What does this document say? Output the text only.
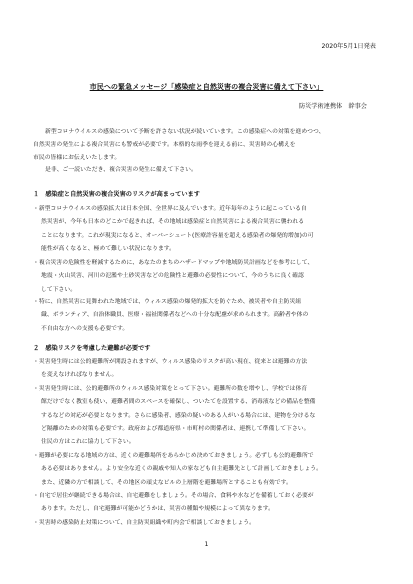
2020年5月1日発表
市民への緊急メッセージ「感染症と自然災害の複合災害に備えて下さい」
防災学術連携体　幹事会
新型コロナウイルスの感染について予断を許さない状況が続いています。この感染症への対策を進めつつ、
自然災害の発生による複合災害にも警戒が必要です。本格的な雨季を迎える前に、災害時の心構えを
市民の皆様にお伝えいたします。
是非、ご一読いただき、複合災害の発生に備えて下さい。
１　感染症と自然災害の複合災害のリスクが高まっています
・新型コロナウイルスの感染拡大は日本全国、全世界に及んでいます。近年毎年のように起こっている自
然災害が、今年も日本のどこかで起きれば、その地域は感染症と自然災害による複合災害に襲われる
ことになります。これが現実になると、オーバーシュート(医療許容量を超える感染者の爆発的増加)の可
能性が高くなると、極めて難しい状況になります。
・複合災害の危険性を軽減するために、あなたのまちのハザードマップや地域防災計画などを参考にして、
地震・火山災害、河川の氾濫や土砂災害などの危険性と避難の必要性について、今のうちに良く確認
して下さい。
・特に、自然災害に見舞われた地域では、ウィルス感染の爆発的拡大を防ぐため、被災者や自主防災組
織、ボランティア、自治体職員、医療・福祉関係者などへの十分な配慮が求められます。高齢者や体の
不自由な方への支援も必要です。
２　感染リスクを考慮した避難が必要です
・災害発生時には公的避難所が開設されますが、ウィルス感染のリスクが高い現在、従来とは避難の方法
を変えなければなりません。
・災害発生時には、公的避難所のウィルス感染対策をとって下さい。避難所の数を増やし、学校では体育
館だけでなく教室も使い、避難者間のスペースを確保し、ついたてを設置する、消毒液などの備品を整備
するなどの対応が必要となります。さらに感染者、感染の疑いのある人がいる場合には、建物を分けるな
ど隔離のための対策も必要です。政府および都道府県・市町村の関係者は、連携して準備して下さい。
住民の方はこれに協力して下さい。
・避難が必要になる地域の方は、近くの避難場所をあらかじめ決めておきましょう。必ずしも公的避難所で
ある必要はありません。より安全な近くの親戚や知人の家なども自主避難先として計画しておきましょう。
また、近隣の方で相談して、その地区の頑丈なビルの上層階を避難場所とすることも有効です。
・自宅で居住が継続できる場合は、自宅避難をしましょう。その場合、食料や水などを備蓄しておく必要が
あります。ただし、自宅避難が可能かどうかは、災害の種類や規模によって異なります。
・災害時の感染防止対策について、自主防災組織や町内会で相談しておきましょう。
1
